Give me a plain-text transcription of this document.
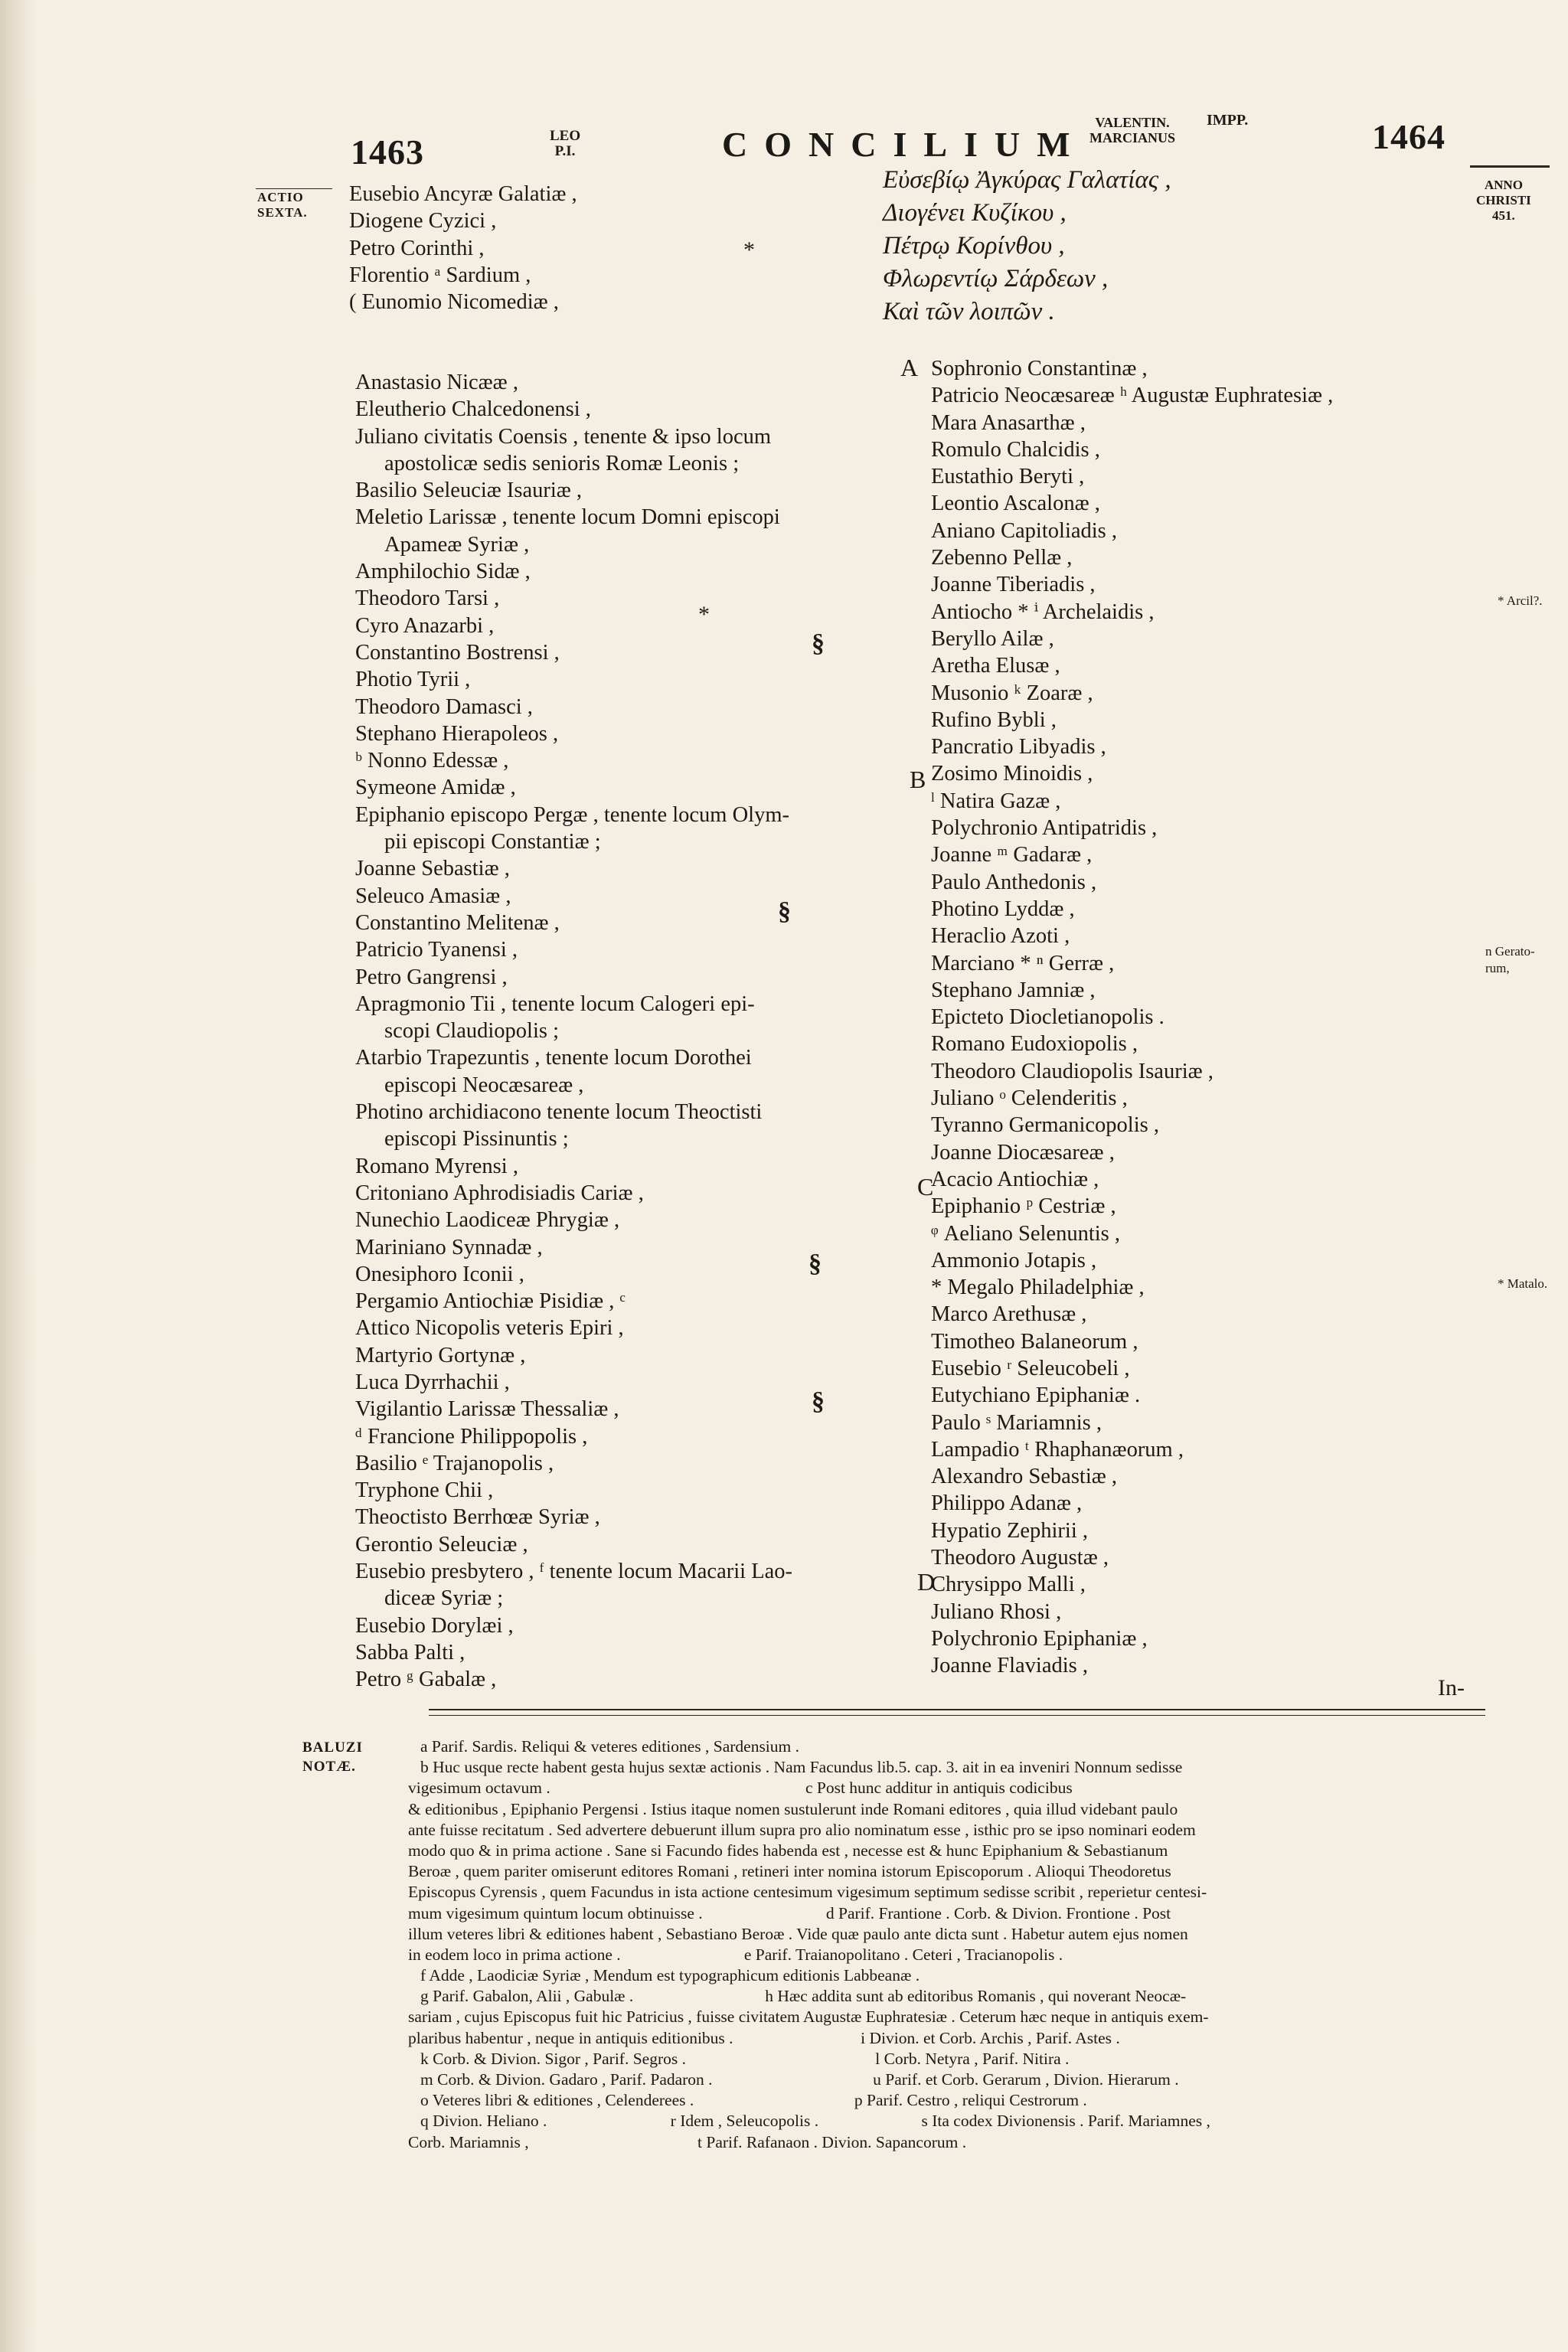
1463	LEO
P.I.	CONCILIUM
VALENTIN.
MARCIANUS
IMPP.	1464
ACTIO
SEXTA.
ANNO
CHRISTI
451.
* Arcil?.
n Gerato-
rum,
* Matalo.
Eusebio Ancyræ Galatiæ ,
Diogene Cyzici ,
Petro Corinthi ,
Florentio ᵃ Sardium ,
( Eunomio Nicomediæ ,
*
Εὐσεβίῳ Ἀγκύρας Γαλατίας ,
Διογένει Κυζίκου ,
Πέτρῳ Κορίνθου ,
Φλωρεντίῳ Σάρδεων ,
Καὶ τῶν λοιπῶν .
Anastasio Nicææ ,
Eleutherio Chalcedonensi ,
Juliano civitatis Coensis , tenente & ipso locum
apostolicæ sedis senioris Romæ Leonis ;
Basilio Seleuciæ Isauriæ ,
Meletio Larissæ , tenente locum Domni episcopi
Apameæ Syriæ ,
Amphilochio Sidæ ,
Theodoro Tarsi ,
Cyro Anazarbi ,
Constantino Bostrensi ,
Photio Tyrii ,
Theodoro Damasci ,
Stephano Hierapoleos ,
ᵇ Nonno Edessæ ,
Symeone Amidæ ,
Epiphanio episcopo Pergæ , tenente locum Olym-
pii episcopi Constantiæ ;
Joanne Sebastiæ ,
Seleuco Amasiæ ,
Constantino Melitenæ ,
Patricio Tyanensi ,
Petro Gangrensi ,
Apragmonio Tii , tenente locum Calogeri epi-
scopi Claudiopolis ;
Atarbio Trapezuntis , tenente locum Dorothei
episcopi Neocæsareæ ,
Photino archidiacono tenente locum Theoctisti
episcopi Pissinuntis ;
Romano Myrensi ,
Critoniano Aphrodisiadis Cariæ ,
Nunechio Laodiceæ Phrygiæ ,
Mariniano Synnadæ ,
Onesiphoro Iconii ,
Pergamio Antiochiæ Pisidiæ , ᶜ
Attico Nicopolis veteris Epiri ,
Martyrio Gortynæ ,
Luca Dyrrhachii ,
Vigilantio Larissæ Thessaliæ ,
ᵈ Francione Philippopolis ,
Basilio ᵉ Trajanopolis ,
Tryphone Chii ,
Theoctisto Berrhœæ Syriæ ,
Gerontio Seleuciæ ,
Eusebio presbytero , ᶠ tenente locum Macarii Lao-
diceæ Syriæ ;
Eusebio Dorylæi ,
Sabba Palti ,
Petro ᵍ Gabalæ ,
§
*
§
§
§
Sophronio Constantinæ ,
Patricio Neocæsareæ ʰ Augustæ Euphratesiæ ,
Mara Anasarthæ ,
Romulo Chalcidis ,
Eustathio Beryti ,
Leontio Ascalonæ ,
Aniano Capitoliadis ,
Zebenno Pellæ ,
Joanne Tiberiadis ,
Antiocho * ⁱ Archelaidis ,
Beryllo Ailæ ,
Aretha Elusæ ,
Musonio ᵏ Zoaræ ,
Rufino Bybli ,
Pancratio Libyadis ,
Zosimo Minoidis ,
ˡ Natira Gazæ ,
Polychronio Antipatridis ,
Joanne ᵐ Gadaræ ,
Paulo Anthedonis ,
Photino Lyddæ ,
Heraclio Azoti ,
Marciano * ⁿ Gerræ ,
Stephano Jamniæ ,
Epicteto Diocletianopolis .
Romano Eudoxiopolis ,
Theodoro Claudiopolis Isauriæ ,
Juliano ᵒ Celenderitis ,
Tyranno Germanicopolis ,
Joanne Diocæsareæ ,
Acacio Antiochiæ ,
Epiphanio ᵖ Cestriæ ,
ᵠ Aeliano Selenuntis ,
Ammonio Jotapis ,
* Megalo Philadelphiæ ,
Marco Arethusæ ,
Timotheo Balaneorum ,
Eusebio ʳ Seleucobeli ,
Eutychiano Epiphaniæ .
Paulo ˢ Mariamnis ,
Lampadio ᵗ Rhaphanæorum ,
Alexandro Sebastiæ ,
Philippo Adanæ ,
Hypatio Zephirii ,
Theodoro Augustæ ,
Chrysippo Malli ,
Juliano Rhosi ,
Polychronio Epiphaniæ ,
Joanne Flaviadis ,
A
B
C
D
In-
BALUZI
NOTÆ.
a Parif. Sardis. Reliqui & veteres editiones , Sardensium .
b Huc usque recte habent gesta hujus sextæ actionis . Nam Facundus lib.5. cap. 3. ait in ea inveniri Nonnum sedisse
vigesimum octavum .                                                              c Post hunc additur in antiquis codicibus
& editionibus , Epiphanio Pergensi . Istius itaque nomen sustulerunt inde Romani editores , quia illud videbant paulo
ante fuisse recitatum . Sed advertere debuerunt illum supra pro alio nominatum esse , isthic pro se ipso nominari eodem
modo quo & in prima actione . Sane si Facundo fides habenda est , necesse est & hunc Epiphanium & Sebastianum
Beroæ , quem pariter omiserunt editores Romani , retineri inter nomina istorum Episcoporum . Alioqui Theodoretus
Episcopus Cyrensis , quem Facundus in ista actione centesimum vigesimum septimum sedisse scribit , reperietur centesi-
mum vigesimum quintum locum obtinuisse .                              d Parif. Frantione . Corb. & Divion. Frontione . Post
illum veteres libri & editiones habent , Sebastiano Beroæ . Vide quæ paulo ante dicta sunt . Habetur autem ejus nomen
in eodem loco in prima actione .                              e Parif. Traianopolitano . Ceteri , Tracianopolis .
f Adde , Laodiciæ Syriæ , Mendum est typographicum editionis Labbeanæ .
g Parif. Gabalon, Alii , Gabulæ .                                h Hæc addita sunt ab editoribus Romanis , qui noverant Neocæ-
sariam , cujus Episcopus fuit hic Patricius , fuisse civitatem Augustæ Euphratesiæ . Ceterum hæc neque in antiquis exem-
plaribus habentur , neque in antiquis editionibus .                               i Divion. et Corb. Archis , Parif. Astes .
k Corb. & Divion. Sigor , Parif. Segros .                                              l Corb. Netyra , Parif. Nitira .
m Corb. & Divion. Gadaro , Parif. Padaron .                                       u Parif. et Corb. Gerarum , Divion. Hierarum .
o Veteres libri & editiones , Celenderees .                                       p Parif. Cestro , reliqui Cestrorum .
q Divion. Heliano .                              r Idem , Seleucopolis .                         s Ita codex Divionensis . Parif. Mariamnes ,
Corb. Mariamnis ,                                         t Parif. Rafanaon . Divion. Sapancorum .
